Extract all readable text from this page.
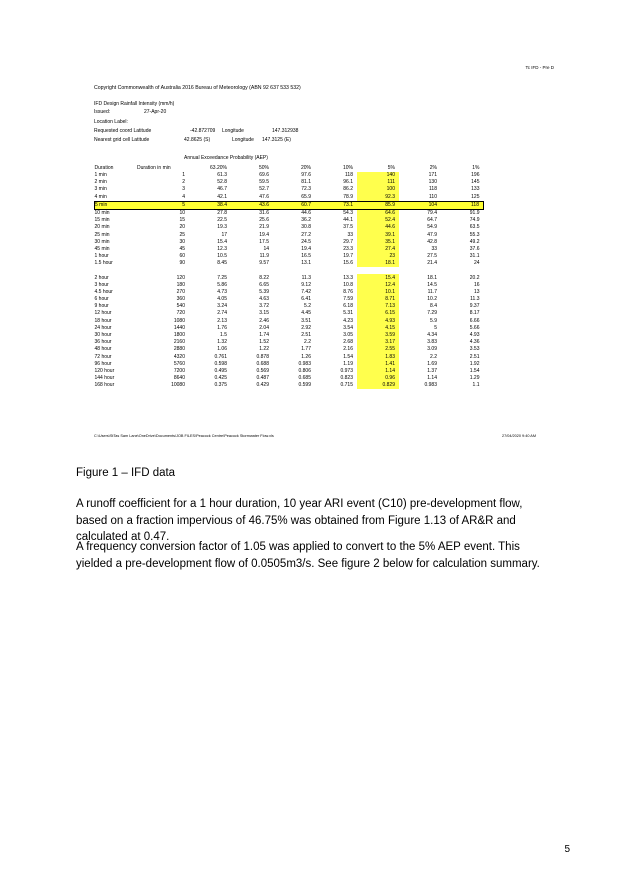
Tc IFD - Pre D
Copyright Commonwealth of Australia 2016 Bureau of Meteorology (ABN 92 637 533 532)
IFD Design Rainfall Intensity (mm/h)
Issued:	27-Apr-20
Location Label:
Requested coord Latitude	-42.872709 Longitude	147.312938
Nearest grid cell Latitude	42.8625 (S)	Longitude 147.3125 (E)
Annual Exceedance Probability (AEP)
Duration	Duration in min	63.20%	50%	20%	10%	5%	2%	1%
1 min	1	61.3	69.6	97.6	118	140	171	196
2 min	2	52.8	59.5	81.1	96.1	111	130	145
3 min	3	46.7	52.7	72.3	86.2	100	118	133
4 min	4	42.1	47.6	65.9	78.9	92.3	110	125
5 min	5	38.4	43.6	60.7	73.1	85.9	104	118
10 min	10	27.8	31.6	44.6	54.3	64.6	79.4	91.9
15 min	15	22.5	25.6	36.2	44.1	52.4	64.7	74.9
20 min	20	19.3	21.9	30.8	37.5	44.6	54.9	63.5
25 min	25	17	19.4	27.2	33	39.1	47.9	55.3
30 min	30	15.4	17.5	24.5	29.7	35.1	42.8	49.2
45 min	45	12.3	14	19.4	23.3	27.4	33	37.6
1 hour	60	10.5	11.9	16.5	19.7	23	27.5	31.1
1.5 hour	90	8.45	9.57	13.1	15.6	18.1	21.4	24

2 hour	120	7.25	8.22	11.3	13.3	15.4	18.1	20.2
3 hour	180	5.86	6.65	9.12	10.8	12.4	14.5	16
4.5 hour	270	4.73	5.39	7.42	8.76	10.1	11.7	13
6 hour	360	4.05	4.63	6.41	7.59	8.71	10.2	11.3
9 hour	540	3.24	3.72	5.2	6.18	7.13	8.4	9.37
12 hour	720	2.74	3.15	4.45	5.31	6.15	7.29	8.17
18 hour	1080	2.13	2.46	3.51	4.23	4.93	5.9	6.66
24 hour	1440	1.76	2.04	2.92	3.54	4.15	5	5.66
30 hour	1800	1.5	1.74	2.51	3.05	3.59	4.34	4.93
36 hour	2160	1.32	1.52	2.2	2.68	3.17	3.83	4.36
48 hour	2880	1.06	1.22	1.77	2.16	2.55	3.09	3.53
72 hour	4320	0.761	0.878	1.26	1.54	1.83	2.2	2.51
96 hour	5760	0.598	0.688	0.983	1.19	1.41	1.69	1.92
120 hour	7200	0.495	0.569	0.806	0.973	1.14	1.37	1.54
144 hour	8640	0.425	0.487	0.685	0.823	0.96	1.14	1.29
168 hour	10080	0.375	0.429	0.599	0.715	0.829	0.983	1.1
C:\Users\StTas Sam Lane\OneDrive\Documents\JOB FILES\Peacock Centre\Peacock Stormwater Flow.xls	27/04/2020 9:40 AM
Figure 1 – IFD data
A runoff coefficient for a 1 hour duration, 10 year ARI event (C10) pre-development flow, based on a fraction impervious of 46.75% was obtained from Figure 1.13 of AR&R and calculated at 0.47.
A frequency conversion factor of 1.05 was applied to convert to the 5% AEP event. This yielded a pre-development flow of 0.0505m3/s. See figure 2 below for calculation summary.
5
